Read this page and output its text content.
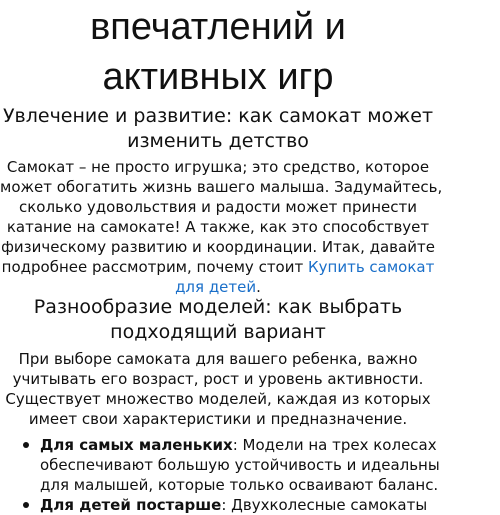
впечатлений и
активных игр
Увлечение и развитие: как самокат может
изменить детство
Самокат – не просто игрушка; это средство, которое
может обогатить жизнь вашего малыша. Задумайтесь,
сколько удовольствия и радости может принести
катание на самокате! А также, как это способствует
физическому развитию и координации. Итак, давайте
подробнее рассмотрим, почему стоит Купить самокат
для детей.
Разнообразие моделей: как выбрать
подходящий вариант
При выборе самоката для вашего ребенка, важно
учитывать его возраст, рост и уровень активности.
Существует множество моделей, каждая из которых
имеет свои характеристики и предназначение.
Для самых маленьких: Модели на трех колесах
обеспечивают большую устойчивость и идеальны
для малышей, которые только осваивают баланс.
Для детей постарше: Двухколесные самокаты
